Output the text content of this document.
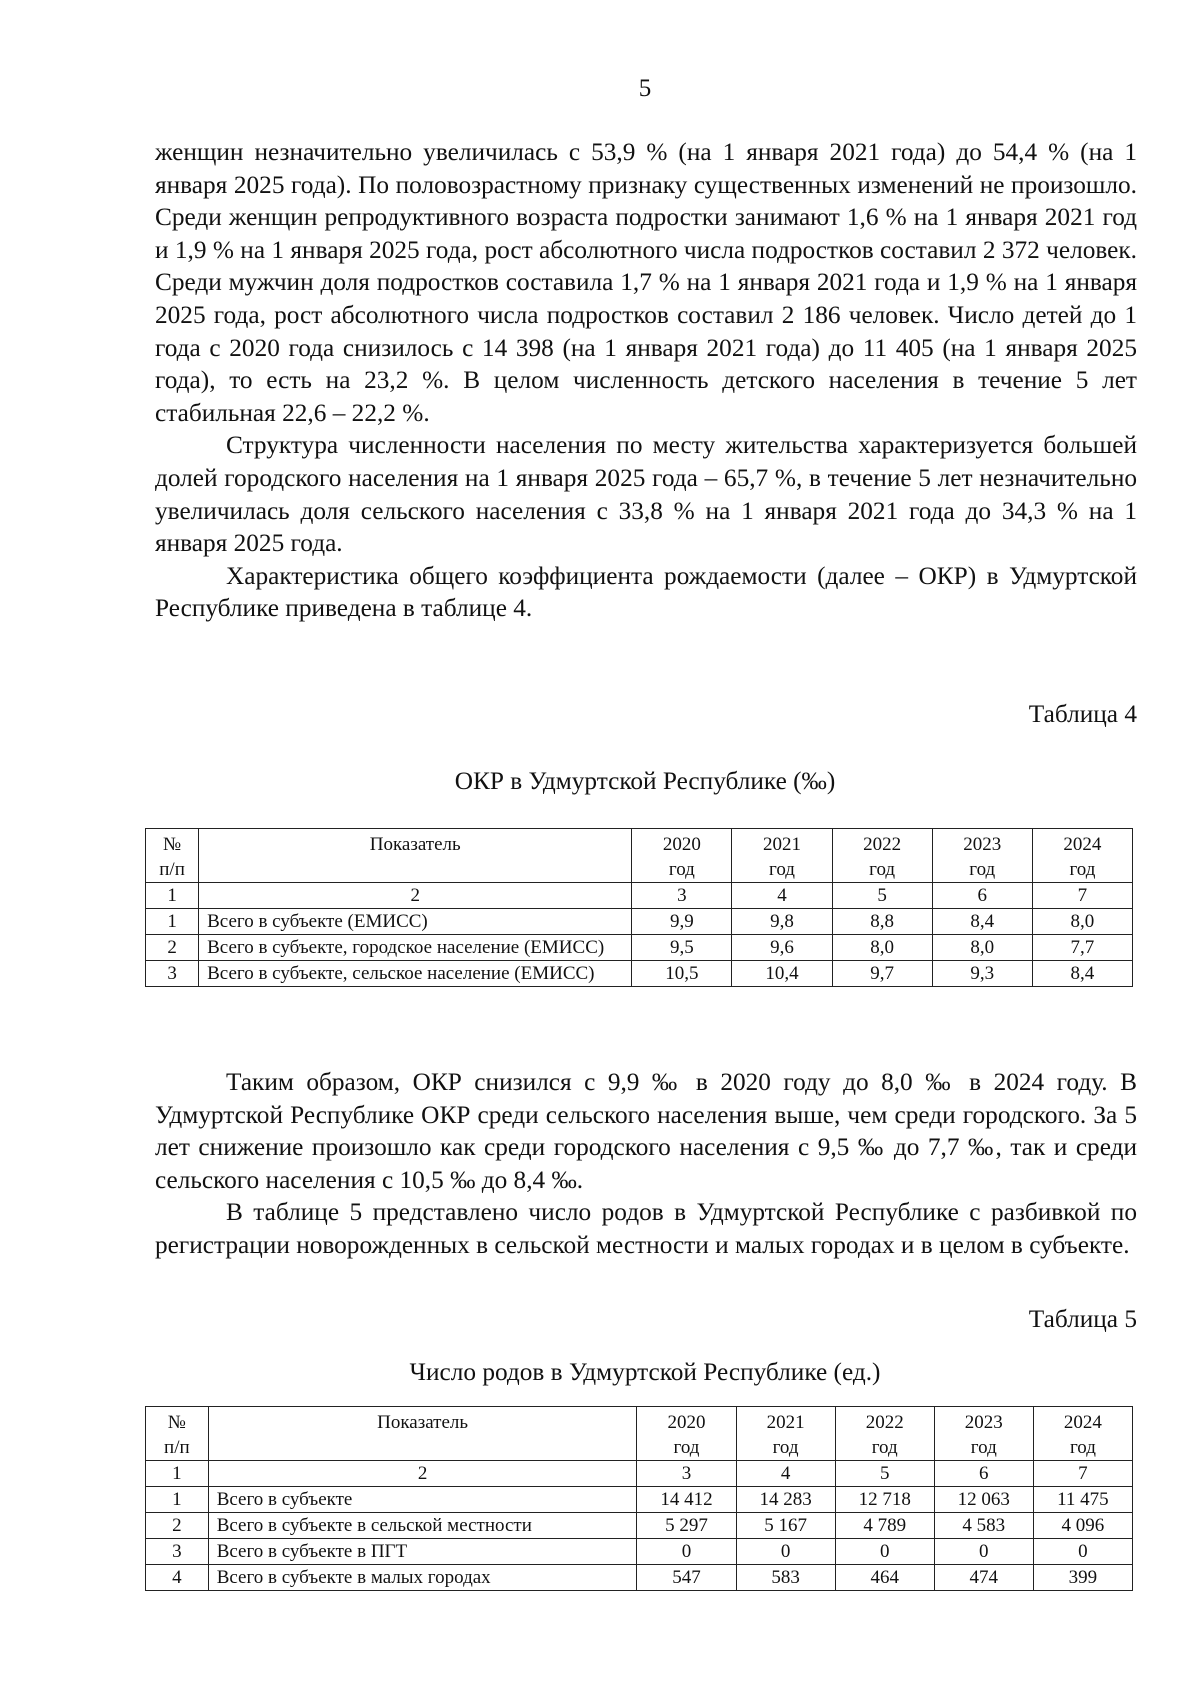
5

женщин незначительно увеличилась с 53,9 % (на 1 января 2021 года) до 54,4 % (на 1 января 2025 года). По половозрастному признаку существенных изменений не произошло. Среди женщин репродуктивного возраста подростки занимают 1,6 % на 1 января 2021 год и 1,9 % на 1 января 2025 года, рост абсолютного числа подростков составил 2 372 человек. Среди мужчин доля подростков составила 1,7 % на 1 января 2021 года и 1,9 % на 1 января 2025 года, рост абсолютного числа подростков составил 2 186 человек. Число детей до 1 года с 2020 года снизилось с 14 398 (на 1 января 2021 года) до 11 405 (на 1 января 2025 года), то есть на 23,2 %. В целом численность детского населения в течение 5 лет стабильная 22,6 – 22,2 %.

Структура численности населения по месту жительства характеризуется большей долей городского населения на 1 января 2025 года – 65,7 %, в течение 5 лет незначительно увеличилась доля сельского населения с 33,8 % на 1 января 2021 года до 34,3 % на 1 января 2025 года.

Характеристика общего коэффициента рождаемости (далее – ОКР) в Удмуртской Республике приведена в таблице 4.

Таблица 4
ОКР в Удмуртской Республике (‰)
№	Показатель	2020	2021	2022	2023	2024
п/п		год	год	год	год	год
1	2	3	4	5	6	7
1	Всего в субъекте (ЕМИСС)	9,9	9,8	8,8	8,4	8,0
2	Всего в субъекте, городское население (ЕМИСС)	9,5	9,6	8,0	8,0	7,7
3	Всего в субъекте, сельское население (ЕМИСС)	10,5	10,4	9,7	9,3	8,4

Таким образом, ОКР снизился с 9,9 ‰ в 2020 году до 8,0 ‰ в 2024 году. В Удмуртской Республике ОКР среди сельского населения выше, чем среди городского. За 5 лет снижение произошло как среди городского населения с 9,5 ‰ до 7,7 ‰, так и среди сельского населения с 10,5 ‰ до 8,4 ‰.

В таблице 5 представлено число родов в Удмуртской Республике с разбивкой по регистрации новорожденных в сельской местности и малых городах и в целом в субъекте.

Таблица 5
Число родов в Удмуртской Республике (ед.)
№	Показатель	2020	2021	2022	2023	2024
п/п		год	год	год	год	год
1	2	3	4	5	6	7
1	Всего в субъекте	14 412	14 283	12 718	12 063	11 475
2	Всего в субъекте в сельской местности	5 297	5 167	4 789	4 583	4 096
3	Всего в субъекте в ПГТ	0	0	0	0	0
4	Всего в субъекте в малых городах	547	583	464	474	399
